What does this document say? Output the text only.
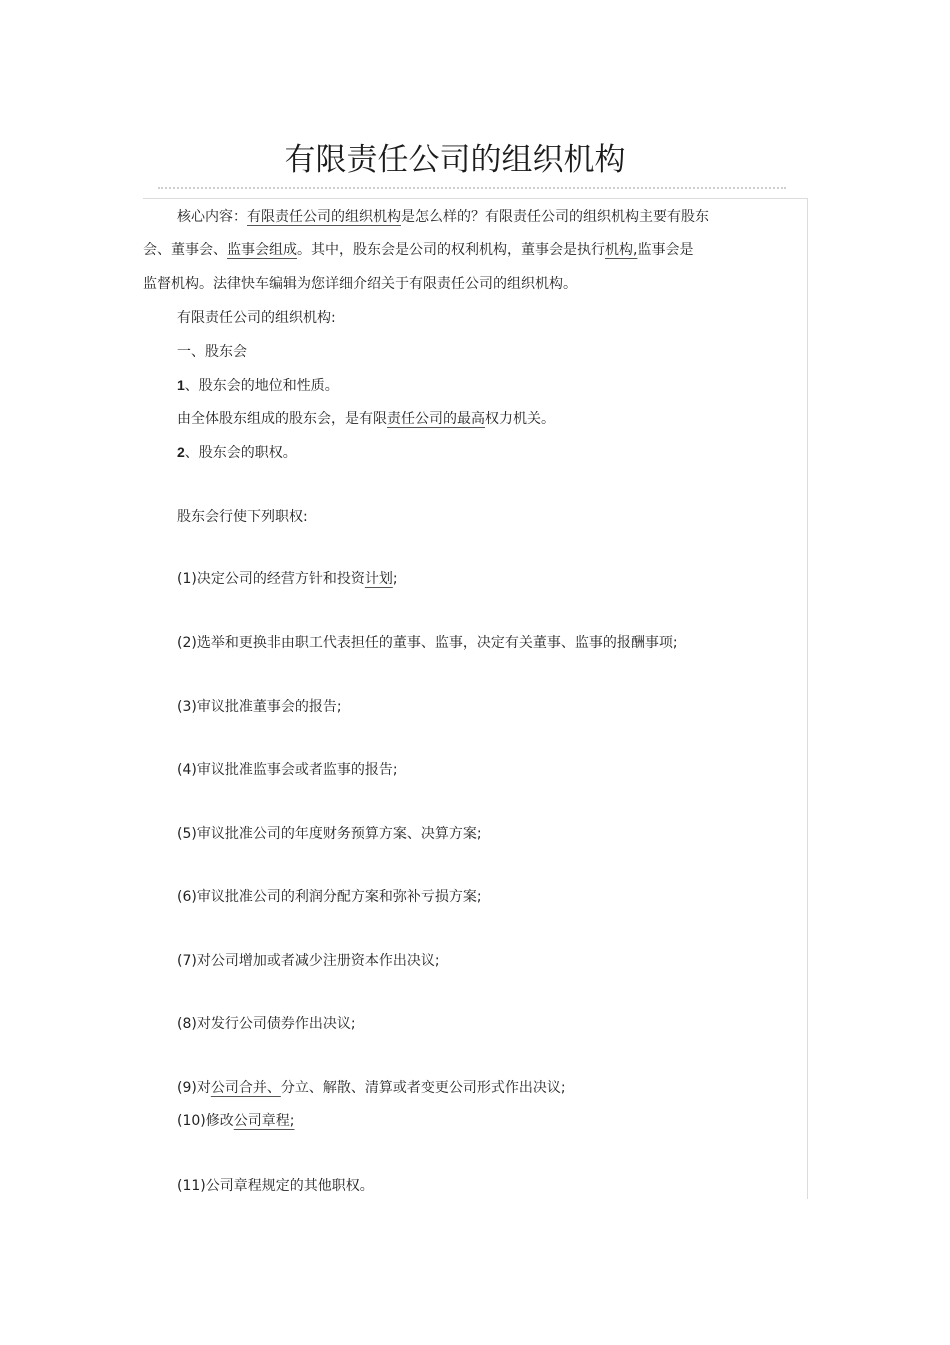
有限责任公司的组织机构
核心内容：有限责任公司的组织机构是怎么样的？有限责任公司的组织机构主要有股东
会、董事会、监事会组成。其中，股东会是公司的权利机构，董事会是执行机构,监事会是
监督机构。法律快车编辑为您详细介绍关于有限责任公司的组织机构。
有限责任公司的组织机构:
一、股东会
1、股东会的地位和性质。
由全体股东组成的股东会，是有限责任公司的最高权力机关。
2、股东会的职权。
股东会行使下列职权:
(1)决定公司的经营方针和投资计划;
(2)选举和更换非由职工代表担任的董事、监事，决定有关董事、监事的报酬事项;
(3)审议批准董事会的报告;
(4)审议批准监事会或者监事的报告;
(5)审议批准公司的年度财务预算方案、决算方案;
(6)审议批准公司的利润分配方案和弥补亏损方案;
(7)对公司增加或者减少注册资本作出决议;
(8)对发行公司债券作出决议;
(9)对公司合并、分立、解散、清算或者变更公司形式作出决议;
(10)修改公司章程;
(11)公司章程规定的其他职权。
